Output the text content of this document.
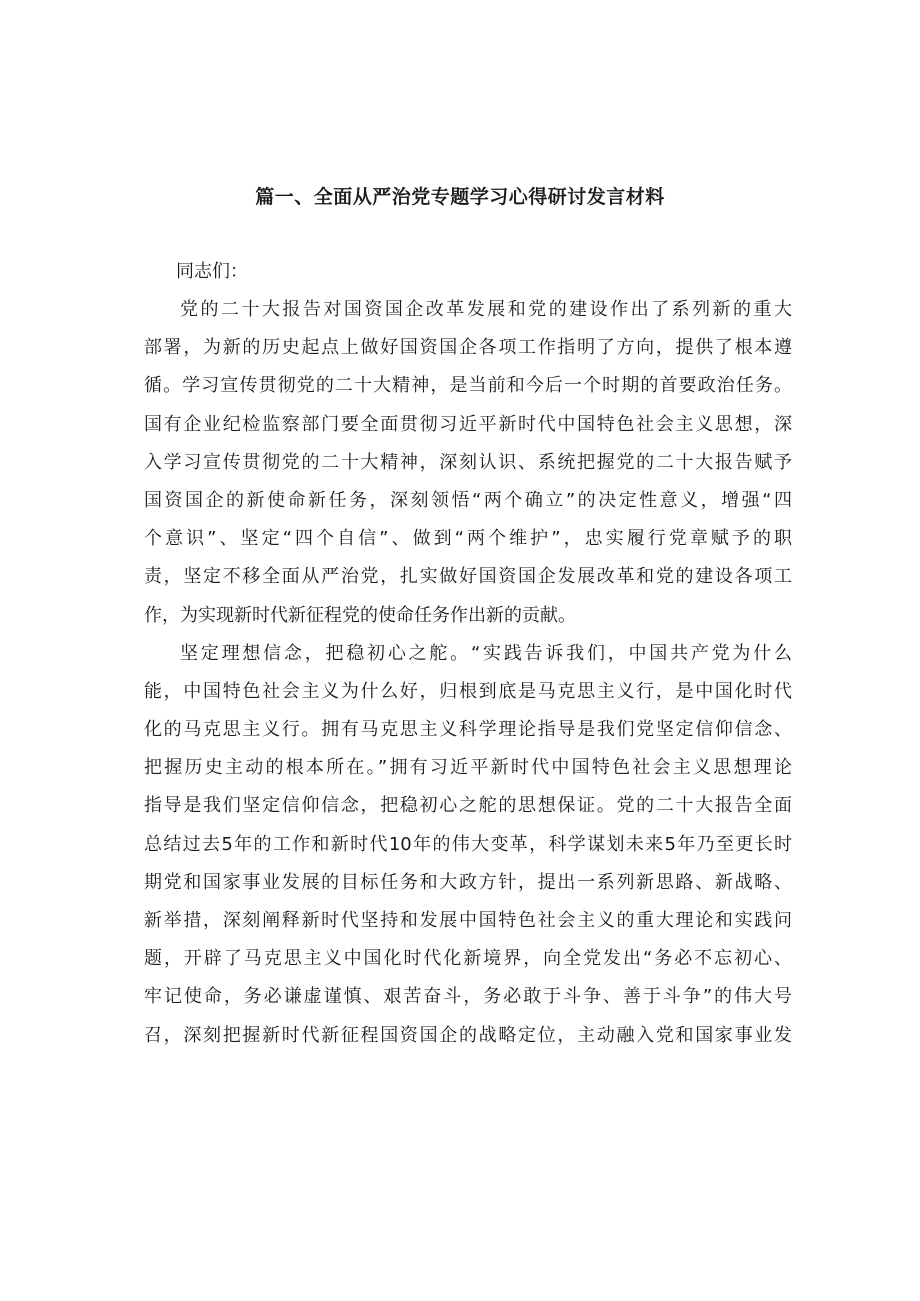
篇一、全面从严治党专题学习心得研讨发言材料

同志们：

党的二十大报告对国资国企改革发展和党的建设作出了系列新的重大

部署，为新的历史起点上做好国资国企各项工作指明了方向，提供了根本遵

循。学习宣传贯彻党的二十大精神，是当前和今后一个时期的首要政治任务。

国有企业纪检监察部门要全面贯彻习近平新时代中国特色社会主义思想，深

入学习宣传贯彻党的二十大精神，深刻认识、系统把握党的二十大报告赋予

国资国企的新使命新任务，深刻领悟“两个确立”的决定性意义，增强“四

个意识”、坚定“四个自信”、做到“两个维护”，忠实履行党章赋予的职

责，坚定不移全面从严治党，扎实做好国资国企发展改革和党的建设各项工

作，为实现新时代新征程党的使命任务作出新的贡献。

坚定理想信念，把稳初心之舵。“实践告诉我们，中国共产党为什么

能，中国特色社会主义为什么好，归根到底是马克思主义行，是中国化时代

化的马克思主义行。拥有马克思主义科学理论指导是我们党坚定信仰信念、

把握历史主动的根本所在。”拥有习近平新时代中国特色社会主义思想理论

指导是我们坚定信仰信念，把稳初心之舵的思想保证。党的二十大报告全面

总结过去5年的工作和新时代10年的伟大变革，科学谋划未来5年乃至更长时

期党和国家事业发展的目标任务和大政方针，提出一系列新思路、新战略、

新举措，深刻阐释新时代坚持和发展中国特色社会主义的重大理论和实践问

题，开辟了马克思主义中国化时代化新境界，向全党发出“务必不忘初心、

牢记使命，务必谦虚谨慎、艰苦奋斗，务必敢于斗争、善于斗争”的伟大号

召，深刻把握新时代新征程国资国企的战略定位，主动融入党和国家事业发
